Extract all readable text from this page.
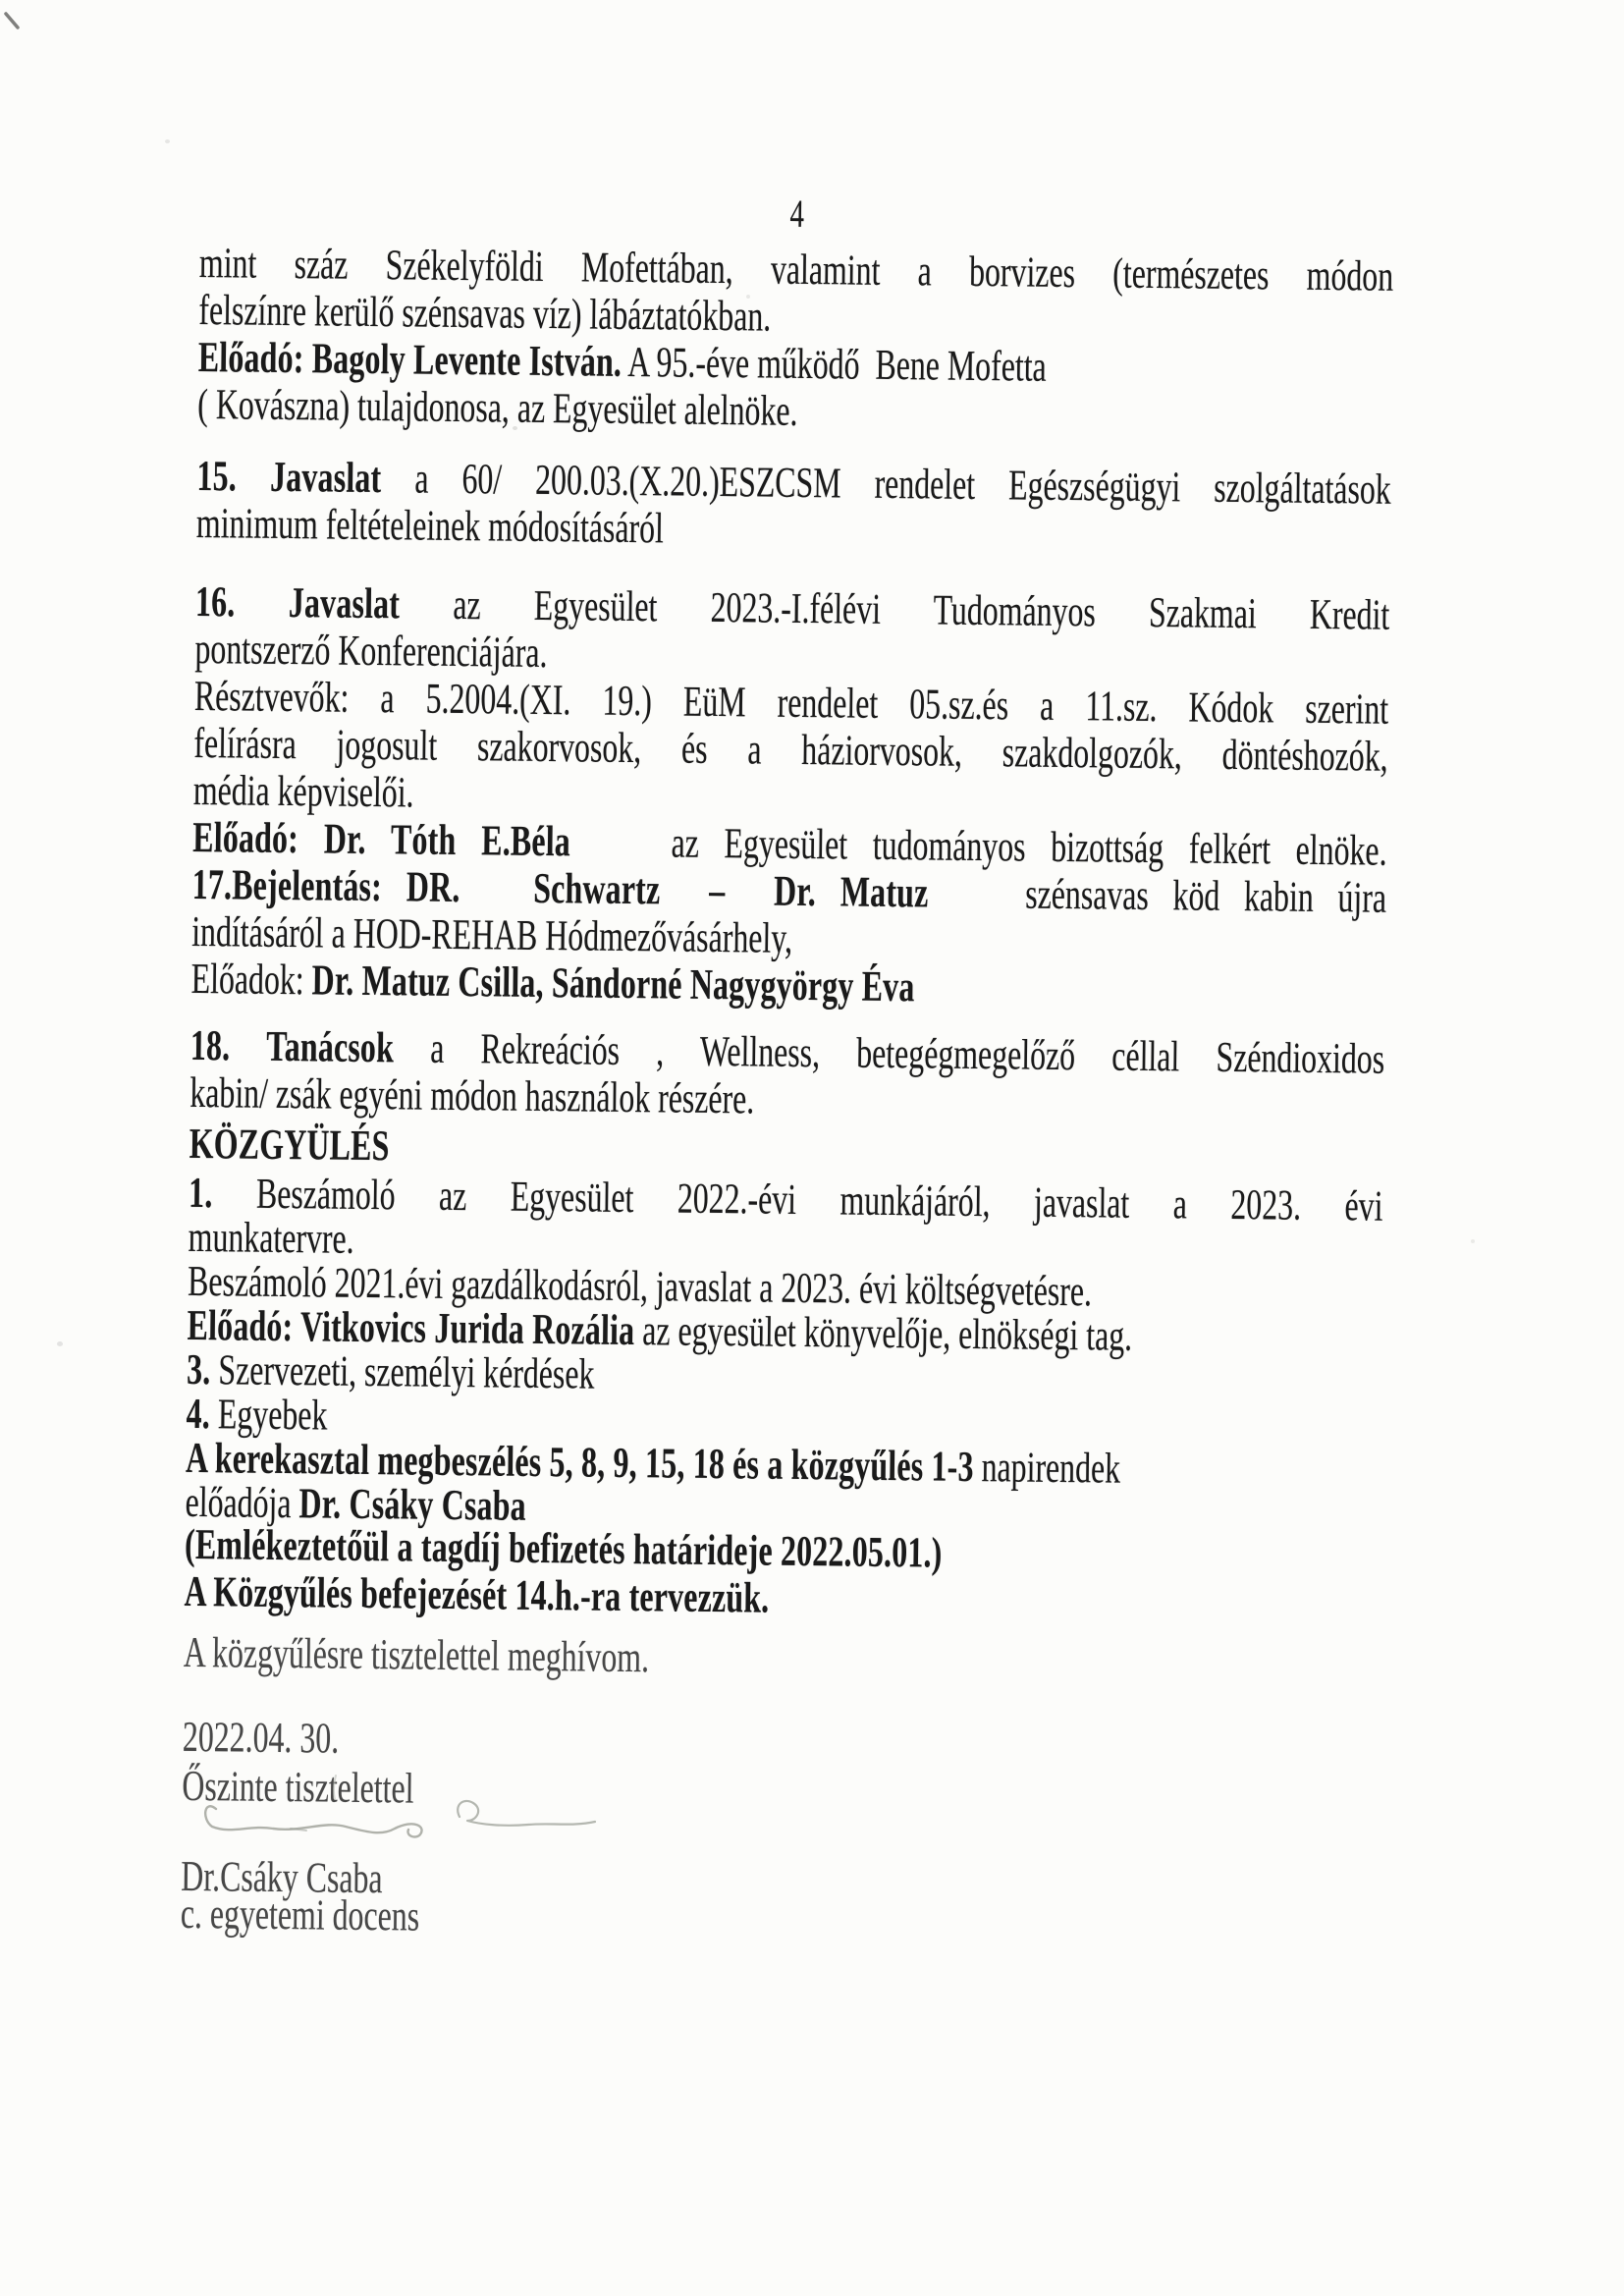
4
mint száz Székelyföldi Mofettában, valamint a borvizes (természetes módon
felszínre kerülő szénsavas víz) lábáztatókban.
Előadó: Bagoly Levente István. A 95.-éve működő  Bene Mofetta
( Kovászna) tulajdonosa, az Egyesület alelnöke.
15. Javaslat a 60/ 200.03.(X.20.)ESZCSM rendelet Egészségügyi szolgáltatások
minimum feltételeinek módosításáról
16. Javaslat az Egyesület 2023.-I.félévi Tudományos Szakmai Kredit
pontszerző Konferenciájára.
Résztvevők: a 5.2004.(XI. 19.) EüM rendelet 05.sz.és a 11.sz. Kódok szerint
felírásra jogosult szakorvosok, és a háziorvosok, szakdolgozók, döntéshozók,
média képviselői.
Előadó: Dr. Tóth E.Béla    az Egyesület tudományos bizottság felkért elnöke.
17.Bejelentás: DR.   Schwartz  –  Dr. Matuz    szénsavas köd kabin újra
indításáról a HOD-REHAB Hódmezővásárhely,
Előadok: Dr. Matuz Csilla, Sándorné Nagygyörgy Éva
18. Tanácsok a Rekreációs , Wellness, betegégmegelőző céllal Széndioxidos
kabin/ zsák egyéni módon használok részére.
KÖZGYÜLÉS
1. Beszámoló az Egyesület 2022.-évi munkájáról, javaslat a 2023. évi
munkatervre.
Beszámoló 2021.évi gazdálkodásról, javaslat a 2023. évi költségvetésre.
Előadó: Vitkovics Jurida Rozália az egyesület könyvelője, elnökségi tag.
3. Szervezeti, személyi kérdések
4. Egyebek
A kerekasztal megbeszélés 5, 8, 9, 15, 18 és a közgyűlés 1-3 napirendek
előadója Dr. Csáky Csaba
(Emlékeztetőül a tagdíj befizetés határideje 2022.05.01.)
A Közgyűlés befejezését 14.h.-ra tervezzük.
A közgyűlésre tisztelettel meghívom.
2022.04. 30.
Őszinte tisztelettel
Dr.Csáky Csaba
c. egyetemi docens
